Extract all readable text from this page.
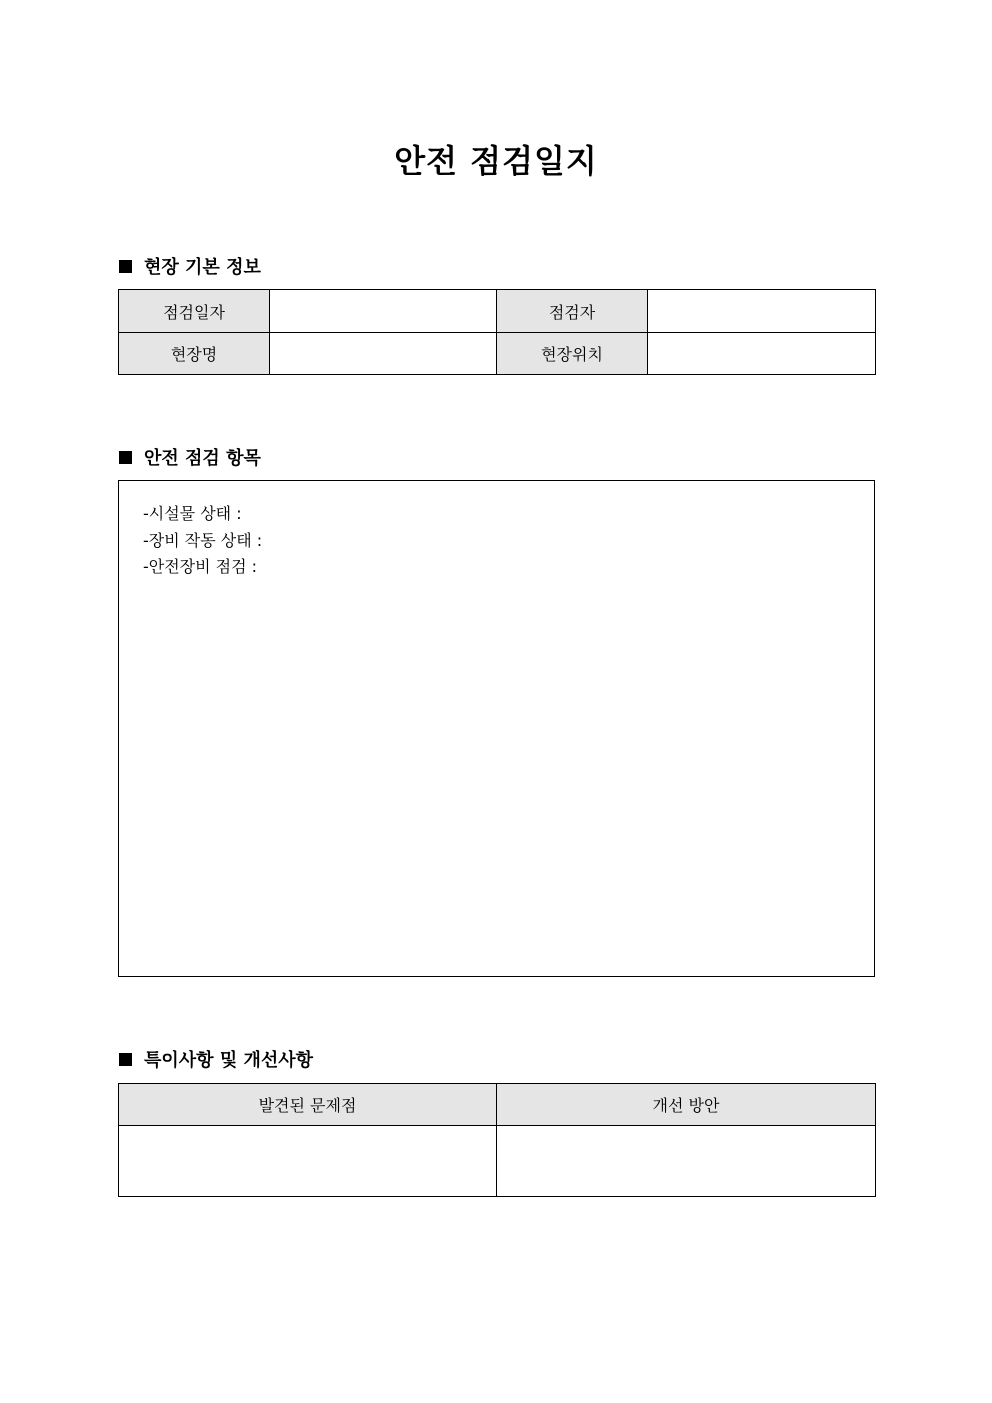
안전 점검일지
현장 기본 정보
점검일자		점검자	
현장명		현장위치	
안전 점검 항목
-시설물 상태 :
-장비 작동 상태 :
-안전장비 점검 :
특이사항 및 개선사항
발견된 문제점	개선 방안
